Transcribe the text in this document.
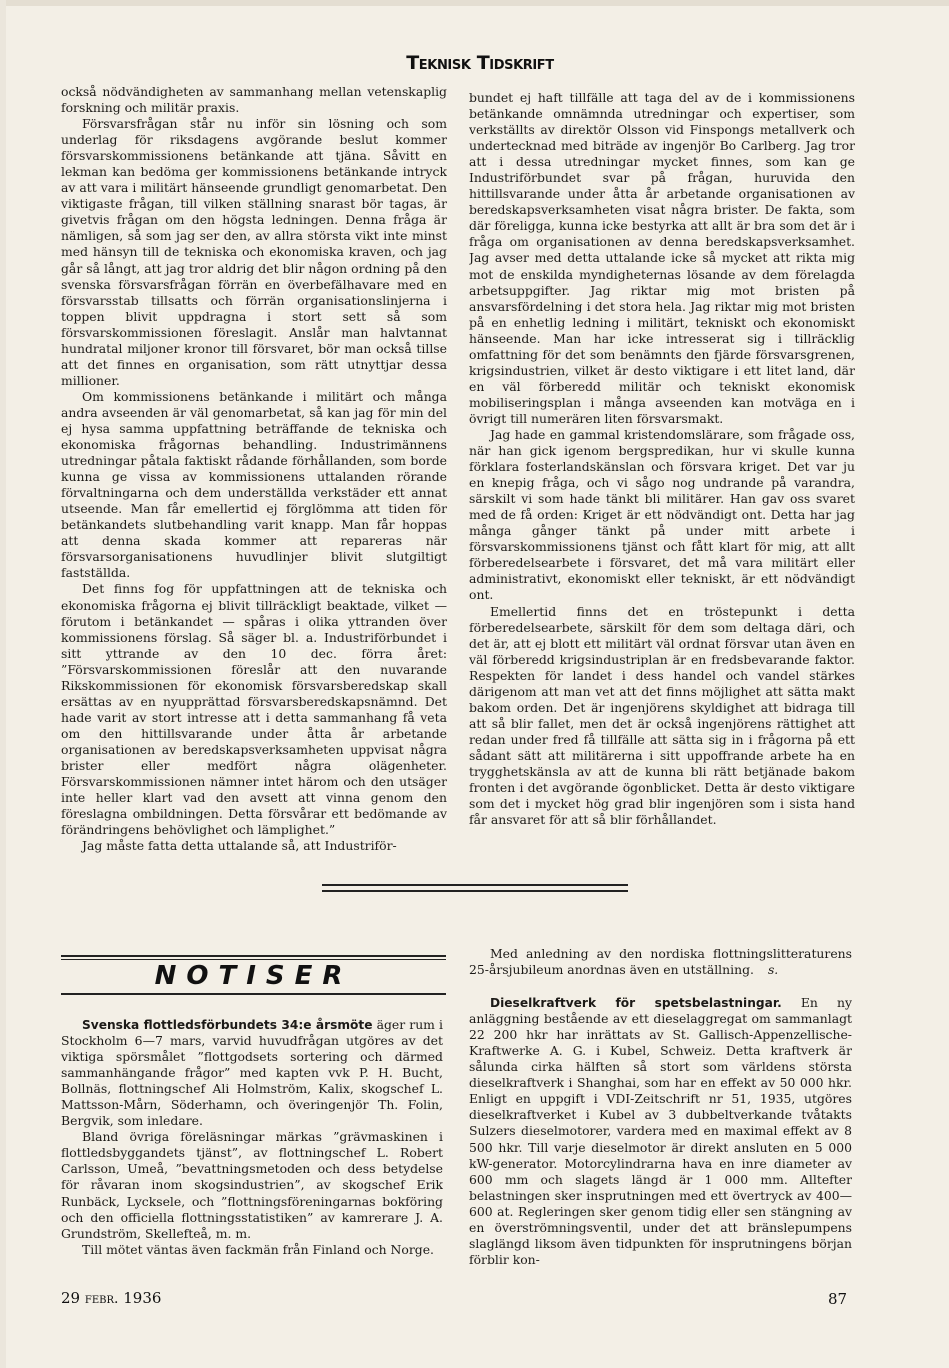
Teknisk Tidskrift

också nödvändigheten av sammanhang mellan vetenskaplig forskning och militär praxis.

Försvarsfrågan står nu inför sin lösning och som underlag för riksdagens avgörande beslut kommer försvarskommissionens betänkande att tjäna. Såvitt en lekman kan bedöma ger kommissionens betänkande intryck av att vara i militärt hänseende grundligt genomarbetat. Den viktigaste frågan, till vilken ställning snarast bör tagas, är givetvis frågan om den högsta ledningen. Denna fråga är nämligen, så som jag ser den, av allra största vikt inte minst med hänsyn till de tekniska och ekonomiska kraven, och jag går så långt, att jag tror aldrig det blir någon ordning på den svenska försvarsfrågan förrän en överbefälhavare med en försvarsstab tillsatts och förrän organisationslinjerna i toppen blivit uppdragna i stort sett så som försvarskommissionen föreslagit. Anslår man halvtannat hundratal miljoner kronor till försvaret, bör man också tillse att det finnes en organisation, som rätt utnyttjar dessa millioner.

Om kommissionens betänkande i militärt och många andra avseenden är väl genomarbetat, så kan jag för min del ej hysa samma uppfattning beträffande de tekniska och ekonomiska frågornas behandling. Industrimännens utredningar påtala faktiskt rådande förhållanden, som borde kunna ge vissa av kommissionens uttalanden rörande förvaltningarna och dem underställda verkstäder ett annat utseende. Man får emellertid ej förglömma att tiden för betänkandets slutbehandling varit knapp. Man får hoppas att denna skada kommer att repareras när försvarsorganisationens huvudlinjer blivit slutgiltigt fastställda.

Det finns fog för uppfattningen att de tekniska och ekonomiska frågorna ej blivit tillräckligt beaktade, vilket — förutom i betänkandet — spåras i olika yttranden över kommissionens förslag. Så säger bl. a. Industriförbundet i sitt yttrande av den 10 dec. förra året: ”Försvarskommissionen föreslår att den nuvarande Rikskommissionen för ekonomisk försvarsberedskap skall ersättas av en nyupprättad försvarsberedskapsnämnd. Det hade varit av stort intresse att i detta sammanhang få veta om den hittillsvarande under åtta år arbetande organisationen av beredskapsverksamheten uppvisat några brister eller medfört några olägenheter. Försvarskommissionen nämner intet härom och den utsäger inte heller klart vad den avsett att vinna genom den föreslagna ombildningen. Detta försvårar ett bedömande av förändringens behövlighet och lämplighet.”

Jag måste fatta detta uttalande så, att Industriför-

bundet ej haft tillfälle att taga del av de i kommissionens betänkande omnämnda utredningar och expertiser, som verkställts av direktör Olsson vid Finspongs metallverk och undertecknad med biträde av ingenjör Bo Carlberg. Jag tror att i dessa utredningar mycket finnes, som kan ge Industriförbundet svar på frågan, huruvida den hittillsvarande under åtta år arbetande organisationen av beredskapsverksamheten visat några brister. De fakta, som där föreligga, kunna icke bestyrka att allt är bra som det är i fråga om organisationen av denna beredskapsverksamhet. Jag avser med detta uttalande icke så mycket att rikta mig mot de enskilda myndigheternas lösande av dem förelagda arbetsuppgifter. Jag riktar mig mot bristen på ansvarsfördelning i det stora hela. Jag riktar mig mot bristen på en enhetlig ledning i militärt, tekniskt och ekonomiskt hänseende. Man har icke intresserat sig i tillräcklig omfattning för det som benämnts den fjärde försvarsgrenen, krigsindustrien, vilket är desto viktigare i ett litet land, där en väl förberedd militär och tekniskt ekonomisk mobiliseringsplan i många avseenden kan motväga en i övrigt till numerären liten försvarsmakt.

Jag hade en gammal kristendomslärare, som frågade oss, när han gick igenom bergspredikan, hur vi skulle kunna förklara fosterlandskänslan och försvara kriget. Det var ju en knepig fråga, och vi sågo nog undrande på varandra, särskilt vi som hade tänkt bli militärer. Han gav oss svaret med de få orden: Kriget är ett nödvändigt ont. Detta har jag många gånger tänkt på under mitt arbete i försvarskommissionens tjänst och fått klart för mig, att allt förberedelsearbete i försvaret, det må vara militärt eller administrativt, ekonomiskt eller tekniskt, är ett nödvändigt ont.

Emellertid finns det en tröstepunkt i detta förberedelsearbete, särskilt för dem som deltaga däri, och det är, att ej blott ett militärt väl ordnat försvar utan även en väl förberedd krigsindustriplan är en fredsbevarande faktor. Respekten för landet i dess handel och vandel stärkes därigenom att man vet att det finns möjlighet att sätta makt bakom orden. Det är ingenjörens skyldighet att bidraga till att så blir fallet, men det är också ingenjörens rättighet att redan under fred få tillfälle att sätta sig in i frågorna på ett sådant sätt att militärerna i sitt uppoffrande arbete ha en trygghetskänsla av att de kunna bli rätt betjänade bakom fronten i det avgörande ögonblicket. Detta är desto viktigare som det i mycket hög grad blir ingenjören som i sista hand får ansvaret för att så blir förhållandet.

NOTISER

Svenska flottledsförbundets 34:e årsmöte äger rum i Stockholm 6—7 mars, varvid huvudfrågan utgöres av det viktiga spörsmålet ”flottgodsets sortering och därmed sammanhängande frågor” med kapten vvk P. H. Bucht, Bollnäs, flottningschef Ali Holmström, Kalix, skogschef L. Mattsson-Mårn, Söderhamn, och överingenjör Th. Folin, Bergvik, som inledare.

Bland övriga föreläsningar märkas ”grävmaskinen i flottledsbyggandets tjänst”, av flottningschef L. Robert Carlsson, Umeå, ”bevattningsmetoden och dess betydelse för råvaran inom skogsindustrien”, av skogschef Erik Runbäck, Lycksele, och ”flottningsföreningarnas bokföring och den officiella flottningsstatistiken” av kamrerare J. A. Grundström, Skellefteå, m. m.

Till mötet väntas även fackmän från Finland och Norge.

Med anledning av den nordiska flottningslitteraturens 25-årsjubileum anordnas även en utställning. s.

Dieselkraftverk för spetsbelastningar. En ny anläggning bestående av ett dieselaggregat om sammanlagt 22 200 hkr har inrättats av St. Gallisch-Appenzellische-Kraftwerke A. G. i Kubel, Schweiz. Detta kraftverk är sålunda cirka hälften så stort som världens största dieselkraftverk i Shanghai, som har en effekt av 50 000 hkr. Enligt en uppgift i VDI-Zeitschrift nr 51, 1935, utgöres dieselkraftverket i Kubel av 3 dubbeltverkande tvåtakts Sulzers dieselmotorer, vardera med en maximal effekt av 8 500 hkr. Till varje dieselmotor är direkt ansluten en 5 000 kW-generator. Motorcylindrarna hava en inre diameter av 600 mm och slagets längd är 1 000 mm. Alltefter belastningen sker insprutningen med ett övertryck av 400—600 at. Regleringen sker genom tidig eller sen stängning av en överströmningsventil, under det att bränslepumpens slaglängd liksom även tidpunkten för insprutningens början förblir kon-

29 febr. 1936	87
